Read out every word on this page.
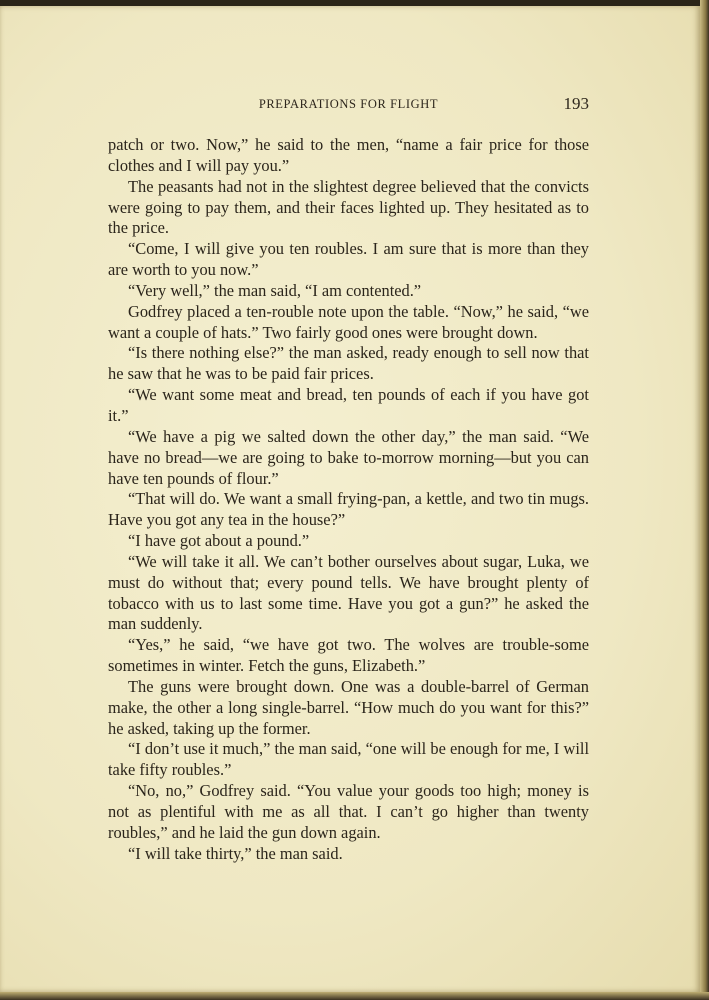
PREPARATIONS FOR FLIGHT	193

patch or two. Now,” he said to the men, “name a fair price for those clothes and I will pay you.”

The peasants had not in the slightest degree believed that the convicts were going to pay them, and their faces lighted up. They hesitated as to the price.

“Come, I will give you ten roubles. I am sure that is more than they are worth to you now.”

“Very well,” the man said, “I am contented.”

Godfrey placed a ten-rouble note upon the table. “Now,” he said, “we want a couple of hats.” Two fairly good ones were brought down.

“Is there nothing else?” the man asked, ready enough to sell now that he saw that he was to be paid fair prices.

“We want some meat and bread, ten pounds of each if you have got it.”

“We have a pig we salted down the other day,” the man said. “We have no bread—we are going to bake to-morrow morning—but you can have ten pounds of flour.”

“That will do. We want a small frying-pan, a kettle, and two tin mugs. Have you got any tea in the house?”

“I have got about a pound.”

“We will take it all. We can’t bother ourselves about sugar, Luka, we must do without that; every pound tells. We have brought plenty of tobacco with us to last some time. Have you got a gun?” he asked the man suddenly.

“Yes,” he said, “we have got two. The wolves are trouble-some sometimes in winter. Fetch the guns, Elizabeth.”

The guns were brought down. One was a double-barrel of German make, the other a long single-barrel. “How much do you want for this?” he asked, taking up the former.

“I don’t use it much,” the man said, “one will be enough for me, I will take fifty roubles.”

“No, no,” Godfrey said. “You value your goods too high; money is not as plentiful with me as all that. I can’t go higher than twenty roubles,” and he laid the gun down again.

“I will take thirty,” the man said.
